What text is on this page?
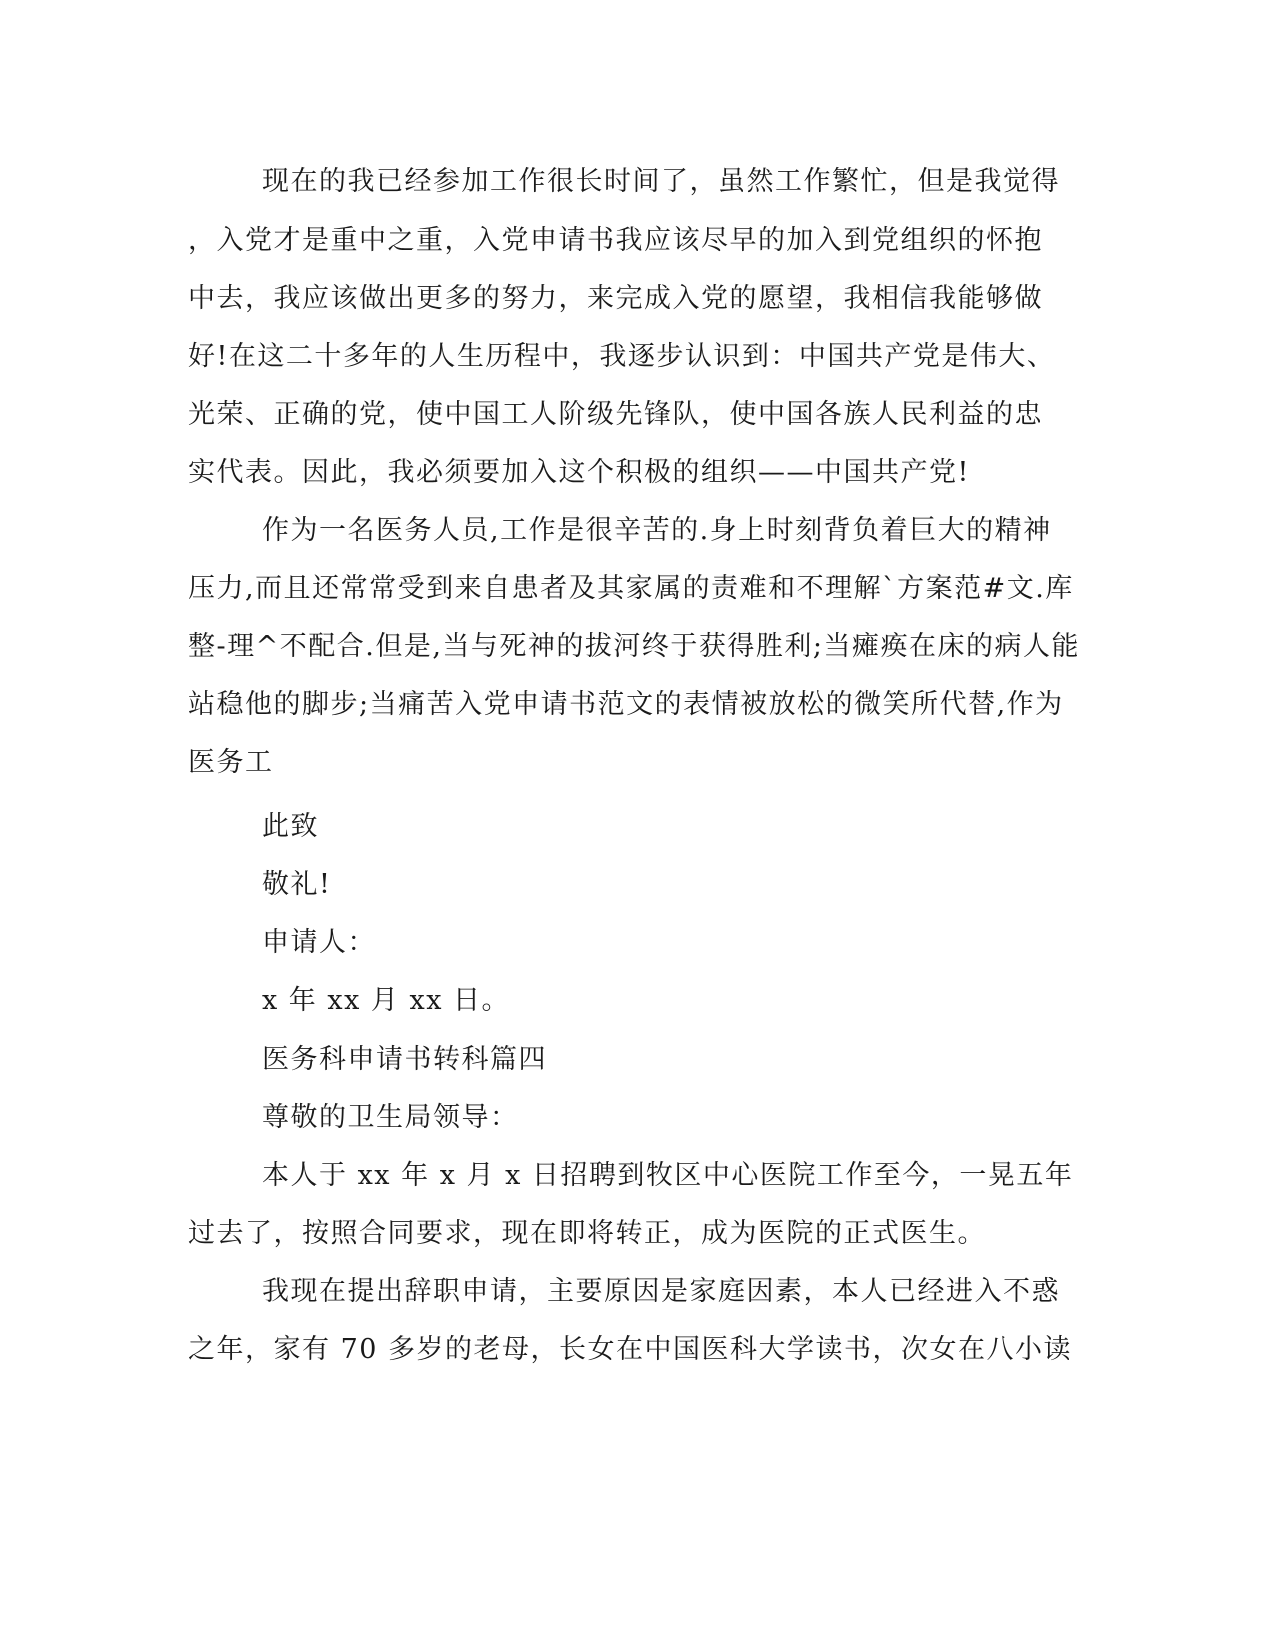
现在的我已经参加工作很长时间了，虽然工作繁忙，但是我觉得
，入党才是重中之重，入党申请书我应该尽早的加入到党组织的怀抱
中去，我应该做出更多的努力，来完成入党的愿望，我相信我能够做
好!在这二十多年的人生历程中，我逐步认识到：中国共产党是伟大、
光荣、正确的党，使中国工人阶级先锋队，使中国各族人民利益的忠
实代表。因此，我必须要加入这个积极的组织——中国共产党!
作为一名医务人员,工作是很辛苦的.身上时刻背负着巨大的精神
压力,而且还常常受到来自患者及其家属的责难和不理解`方案范#文.库
整-理^不配合.但是,当与死神的拔河终于获得胜利;当瘫痪在床的病人能
站稳他的脚步;当痛苦入党申请书范文的表情被放松的微笑所代替,作为
医务工
此致
敬礼!
申请人：
x 年 xx 月 xx 日。
医务科申请书转科篇四
尊敬的卫生局领导：
本人于 xx 年 x 月 x 日招聘到牧区中心医院工作至今，一晃五年
过去了，按照合同要求，现在即将转正，成为医院的正式医生。
我现在提出辞职申请，主要原因是家庭因素，本人已经进入不惑
之年，家有 70 多岁的老母，长女在中国医科大学读书，次女在八小读
